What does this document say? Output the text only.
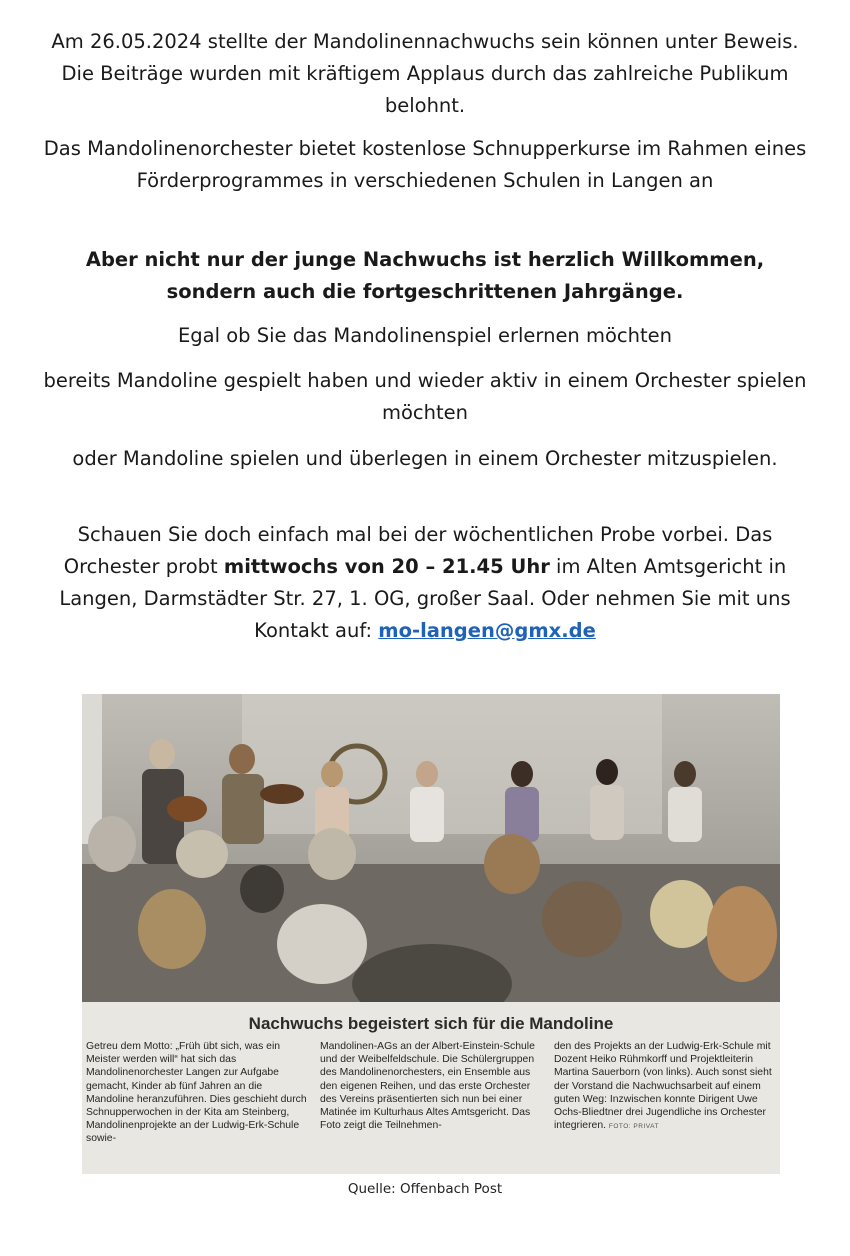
Am 26.05.2024 stellte der Mandolinennachwuchs sein können unter Beweis. Die Beiträge wurden mit kräftigem Applaus durch das zahlreiche Publikum belohnt.
Das Mandolinenorchester bietet kostenlose Schnupperkurse im Rahmen eines Förderprogrammes in verschiedenen Schulen in Langen an
Aber nicht nur der junge Nachwuchs ist herzlich Willkommen, sondern auch die fortgeschrittenen Jahrgänge.
Egal ob Sie das Mandolinenspiel erlernen möchten
bereits Mandoline gespielt haben und wieder aktiv in einem Orchester spielen möchten
oder Mandoline spielen und überlegen in einem Orchester mitzuspielen.
Schauen Sie doch einfach mal bei der wöchentlichen Probe vorbei. Das Orchester probt mittwochs von 20 – 21.45 Uhr im Alten Amtsgericht in Langen, Darmstädter Str. 27, 1. OG, großer Saal. Oder nehmen Sie mit uns Kontakt auf: mo-langen@gmx.de
Nachwuchs begeistert sich für die Mandoline
Getreu dem Motto: „Früh übt sich, was ein Meister werden will“ hat sich das Mandolinenorchester Langen zur Aufgabe gemacht, Kinder ab fünf Jahren an die Mandoline heranzuführen. Dies geschieht durch Schnupperwochen in der Kita am Steinberg, Mandolinenprojekte an der Ludwig-Erk-Schule sowie-
Mandolinen-AGs an der Albert-Einstein-Schule und der Weibelfeldschule. Die Schülergruppen des Mandolinenorchesters, ein Ensemble aus den eigenen Reihen, und das erste Orchester des Vereins präsentierten sich nun bei einer Matinée im Kulturhaus Altes Amtsgericht. Das Foto zeigt die Teilnehmen-
den des Projekts an der Ludwig-Erk-Schule mit Dozent Heiko Rühmkorff und Projektleiterin Martina Sauerborn (von links). Auch sonst sieht der Vorstand die Nachwuchsarbeit auf einem guten Weg: Inzwischen konnte Dirigent Uwe Ochs-Bliedtner drei Jugendliche ins Orchester integrieren. FOTO: PRIVAT
Quelle: Offenbach Post
